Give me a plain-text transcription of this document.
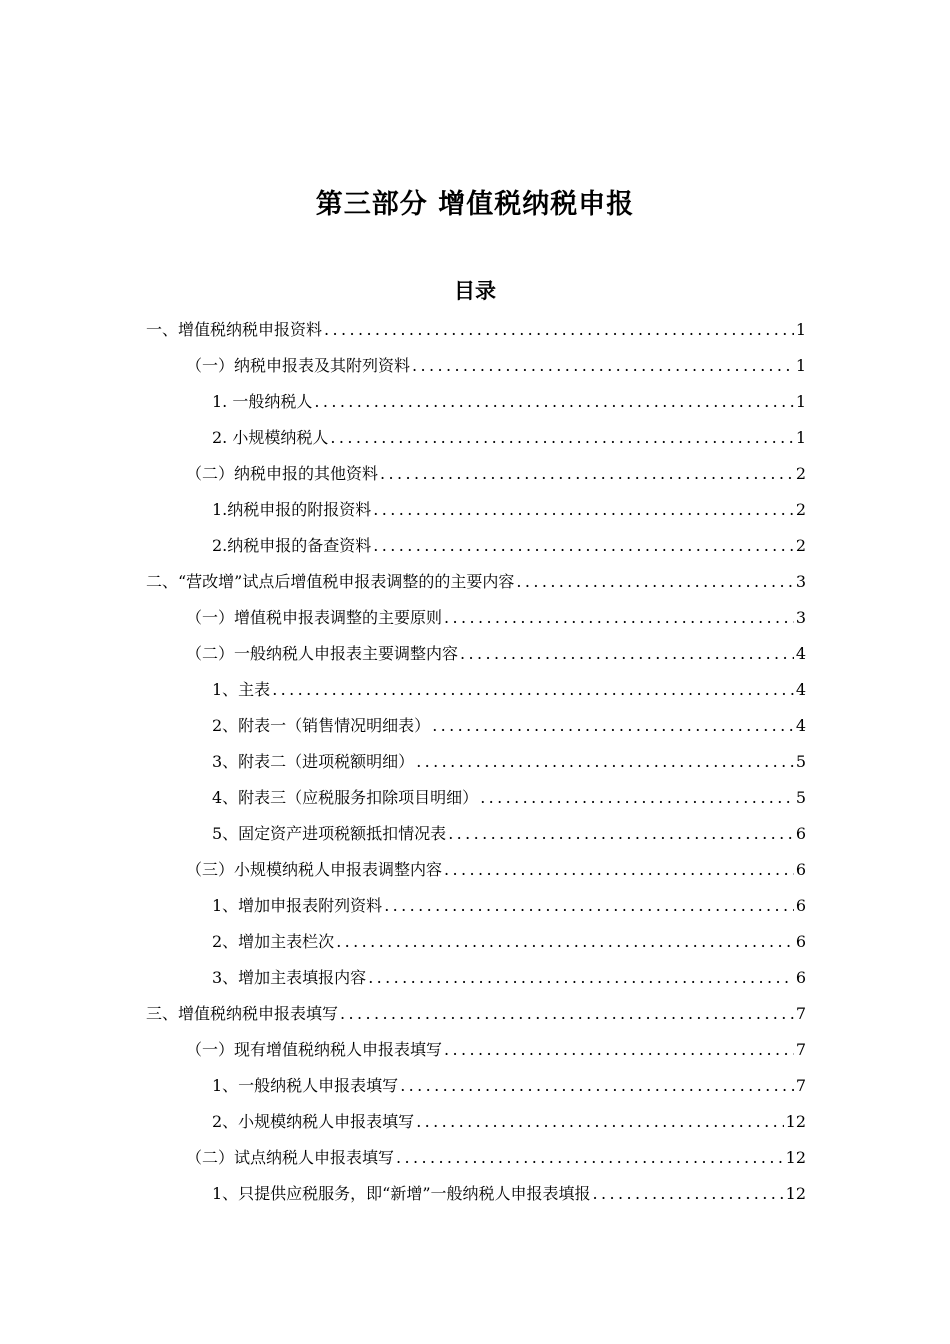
第三部分 增值税纳税申报
目录
一、增值税纳税申报资料 .....	1
（一）纳税申报表及其附列资料 .....	1
1. 一般纳税人 .....	1
2. 小规模纳税人 .....	1
（二）纳税申报的其他资料 .....	2
1.纳税申报的附报资料 .....	2
2.纳税申报的备查资料 .....	2
二、“营改增”试点后增值税申报表调整的的主要内容 .....	3
（一）增值税申报表调整的主要原则 .....	3
（二）一般纳税人申报表主要调整内容 .....	4
1、主表 .....	4
2、附表一（销售情况明细表） .....	4
3、附表二（进项税额明细） .....	5
4、附表三（应税服务扣除项目明细） .....	5
5、固定资产进项税额抵扣情况表 .....	6
（三）小规模纳税人申报表调整内容 .....	6
1、增加申报表附列资料 .....	6
2、增加主表栏次 .....	6
3、增加主表填报内容 .....	6
三、增值税纳税申报表填写 .....	7
（一）现有增值税纳税人申报表填写 .....	7
1、一般纳税人申报表填写 .....	7
2、小规模纳税人申报表填写 .....	12
（二）试点纳税人申报表填写 .....	12
1、只提供应税服务，即“新增”一般纳税人申报表填报 .....	12
